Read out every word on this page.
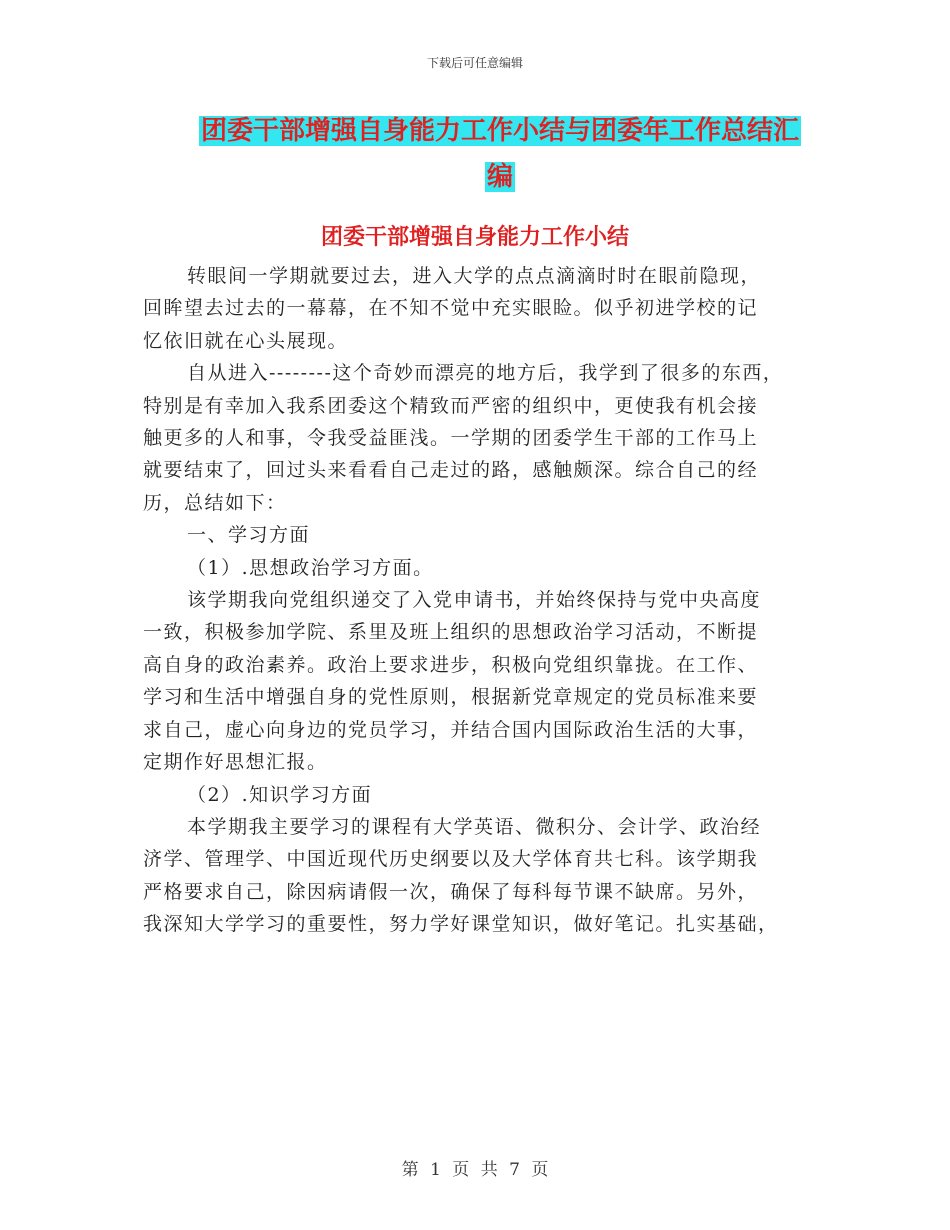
下载后可任意编辑
团委干部增强自身能力工作小结与团委年工作总结汇
编
团委干部增强自身能力工作小结

转眼间一学期就要过去，进入大学的点点滴滴时时在眼前隐现，
回眸望去过去的一幕幕，在不知不觉中充实眼睑。似乎初进学校的记
忆依旧就在心头展现。

自从进入--------这个奇妙而漂亮的地方后，我学到了很多的东西，
特别是有幸加入我系团委这个精致而严密的组织中，更使我有机会接
触更多的人和事，令我受益匪浅。一学期的团委学生干部的工作马上
就要结束了，回过头来看看自己走过的路，感触颇深。综合自己的经
历，总结如下：

一、学习方面

（1）.思想政治学习方面。

该学期我向党组织递交了入党申请书，并始终保持与党中央高度
一致，积极参加学院、系里及班上组织的思想政治学习活动，不断提
高自身的政治素养。政治上要求进步，积极向党组织靠拢。在工作、
学习和生活中增强自身的党性原则，根据新党章规定的党员标准来要
求自己，虚心向身边的党员学习，并结合国内国际政治生活的大事，
定期作好思想汇报。

（2）.知识学习方面

本学期我主要学习的课程有大学英语、微积分、会计学、政治经
济学、管理学、中国近现代历史纲要以及大学体育共七科。该学期我
严格要求自己，除因病请假一次，确保了每科每节课不缺席。另外，
我深知大学学习的重要性，努力学好课堂知识，做好笔记。扎实基础，

第 1 页 共 7 页
